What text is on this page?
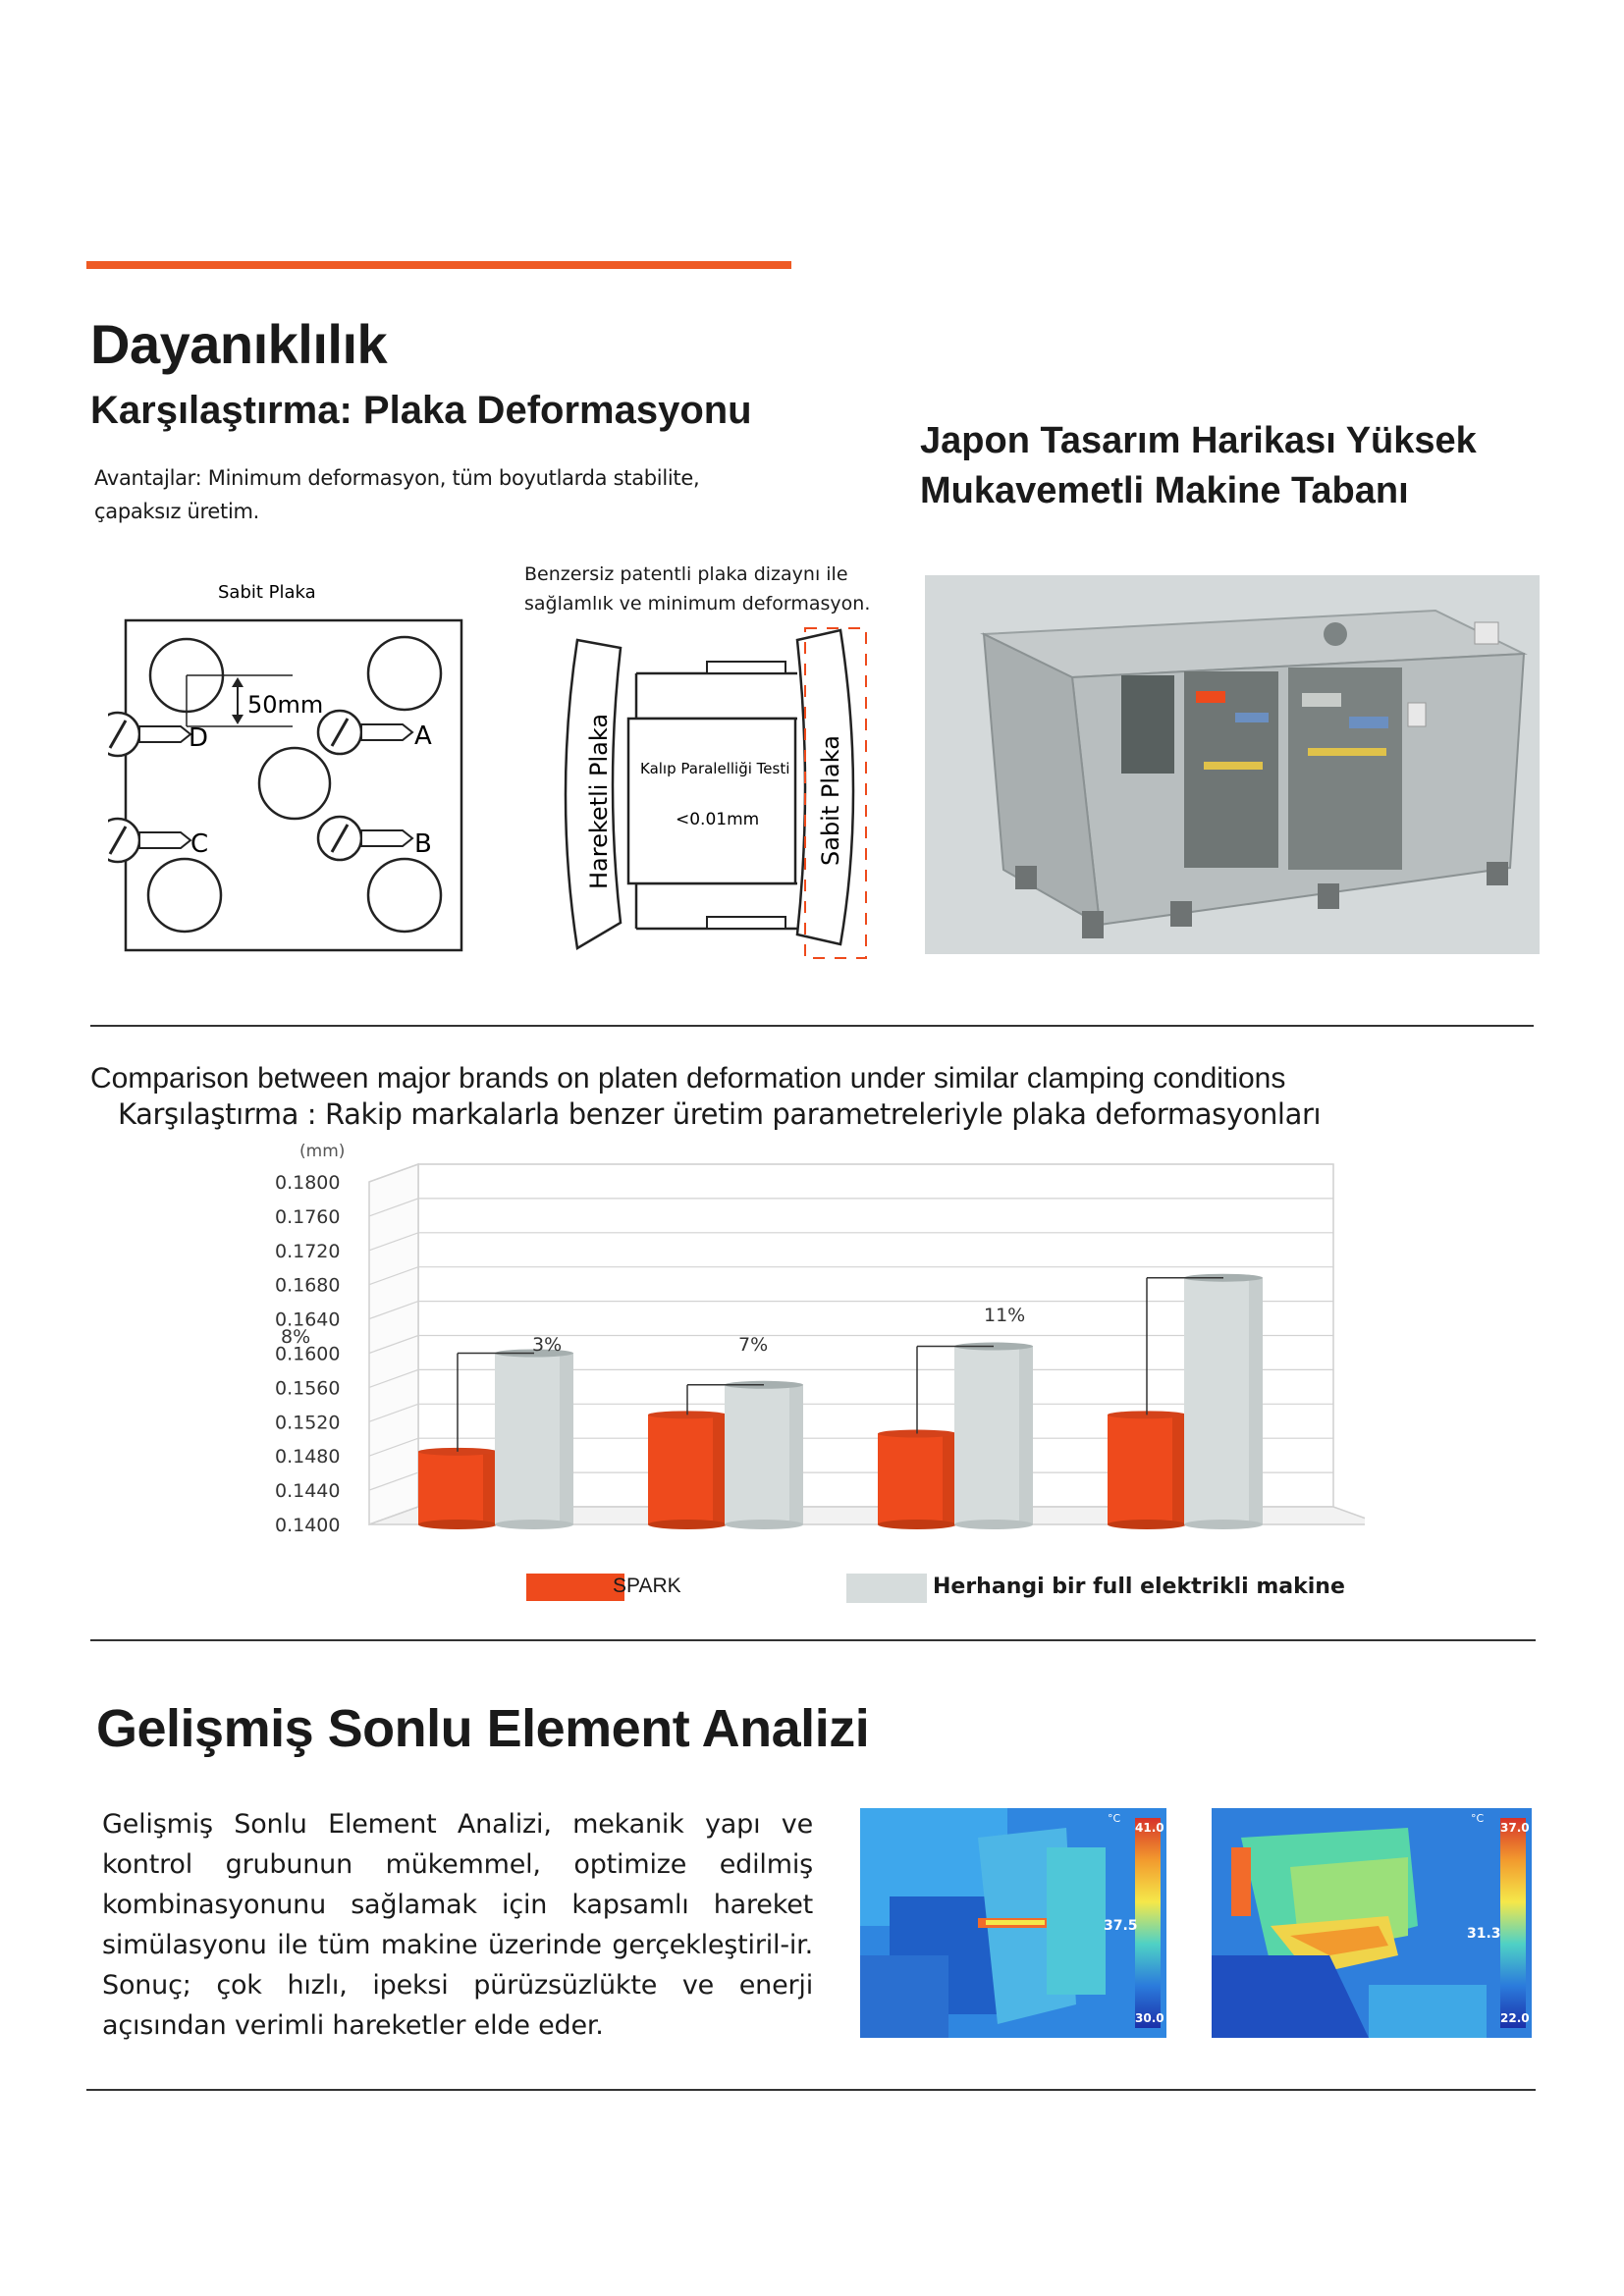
Dayanıklılık
Karşılaştırma: Plaka Deformasyonu
Avantajlar: Minimum deformasyon, tüm boyutlarda stabilite,
çapaksız üretim.
Japon Tasarım Harikası Yüksek
Mukavemetli Makine Tabanı
Sabit Plaka
50mm
D	A
C	B
Benzersiz patentli plaka dizaynı ile
sağlamlık ve minimum deformasyon.
Kalıp Paralelliği Testi
<0.01mm
Hareketli Plaka	Sabit Plaka
Comparison between major brands on platen deformation under similar clamping conditions
Karşılaştırma : Rakip markalarla benzer üretim parametreleriyle plaka deformasyonları
(mm)
0.1800
0.1760
0.1720
0.1680
0.1640
0.1600
0.1560
0.1520
0.1480
0.1440
0.1400
8%	3%	7%
11%
SPARK	Herhangi bir full elektrikli makine
Gelişmiş Sonlu Element Analizi
Gelişmiş Sonlu Element Analizi, mekanik yapı ve kontrol grubunun mükemmel, optimize edilmiş kombinasyonunu sağlamak için kapsamlı hareket simülasyonu ile tüm makine üzerinde gerçekleştiril-ir. Sonuç; çok hızlı, ipeksi pürüzsüzlükte ve enerji açısından verimli hareketler elde eder.
°C
41.0
37.5
30.0
°C
37.0
31.3
22.0
